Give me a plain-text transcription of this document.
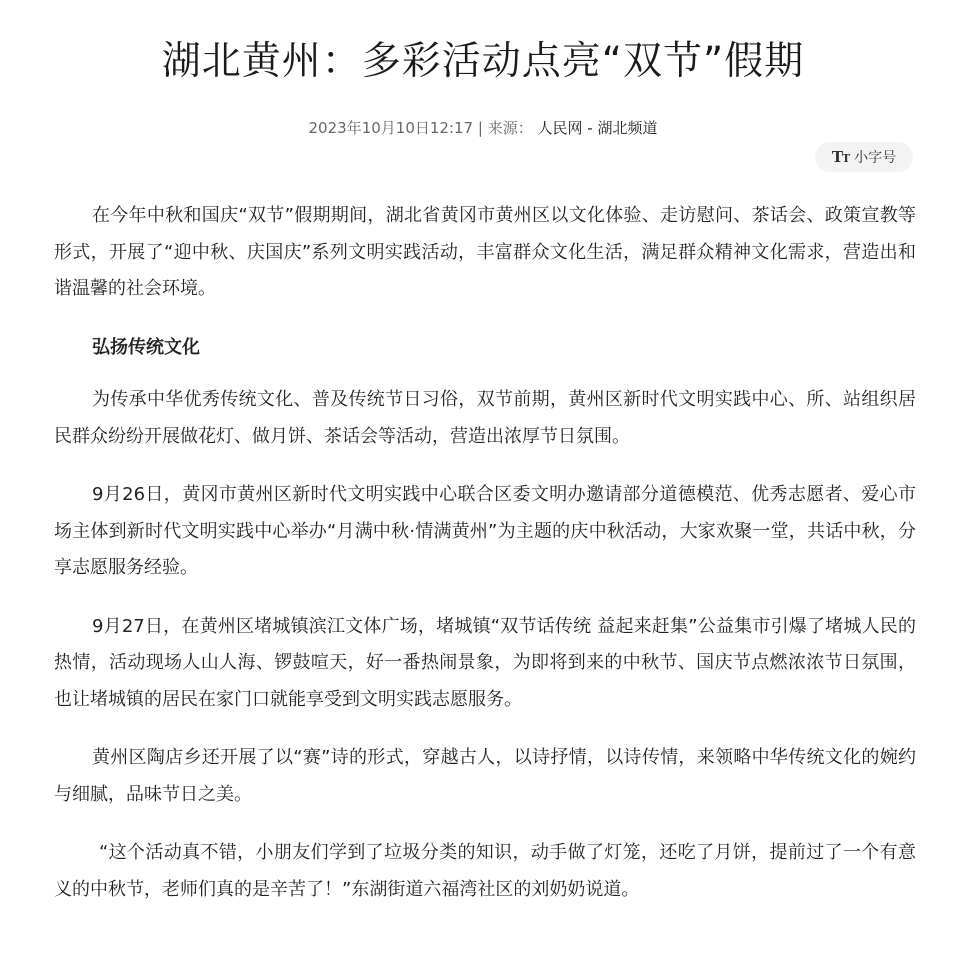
湖北黄州：多彩活动点亮“双节”假期
2023年10月10日12:17 | 来源： 人民网 - 湖北频道
TT 小字号

在今年中秋和国庆“双节”假期期间，湖北省黄冈市黄州区以文化体验、走访慰问、茶话会、政策宣教等形式，开展了“迎中秋、庆国庆”系列文明实践活动，丰富群众文化生活，满足群众精神文化需求，营造出和谐温馨的社会环境。

弘扬传统文化

为传承中华优秀传统文化、普及传统节日习俗，双节前期，黄州区新时代文明实践中心、所、站组织居民群众纷纷开展做花灯、做月饼、茶话会等活动，营造出浓厚节日氛围。

9月26日，黄冈市黄州区新时代文明实践中心联合区委文明办邀请部分道德模范、优秀志愿者、爱心市场主体到新时代文明实践中心举办“月满中秋·情满黄州”为主题的庆中秋活动，大家欢聚一堂，共话中秋，分享志愿服务经验。

9月27日，在黄州区堵城镇滨江文体广场，堵城镇“双节话传统 益起来赶集”公益集市引爆了堵城人民的热情，活动现场人山人海、锣鼓喧天，好一番热闹景象，为即将到来的中秋节、国庆节点燃浓浓节日氛围，也让堵城镇的居民在家门口就能享受到文明实践志愿服务。

黄州区陶店乡还开展了以“赛”诗的形式，穿越古人，以诗抒情，以诗传情，来领略中华传统文化的婉约与细腻，品味节日之美。

“这个活动真不错，小朋友们学到了垃圾分类的知识，动手做了灯笼，还吃了月饼，提前过了一个有意义的中秋节，老师们真的是辛苦了！”东湖街道六福湾社区的刘奶奶说道。
